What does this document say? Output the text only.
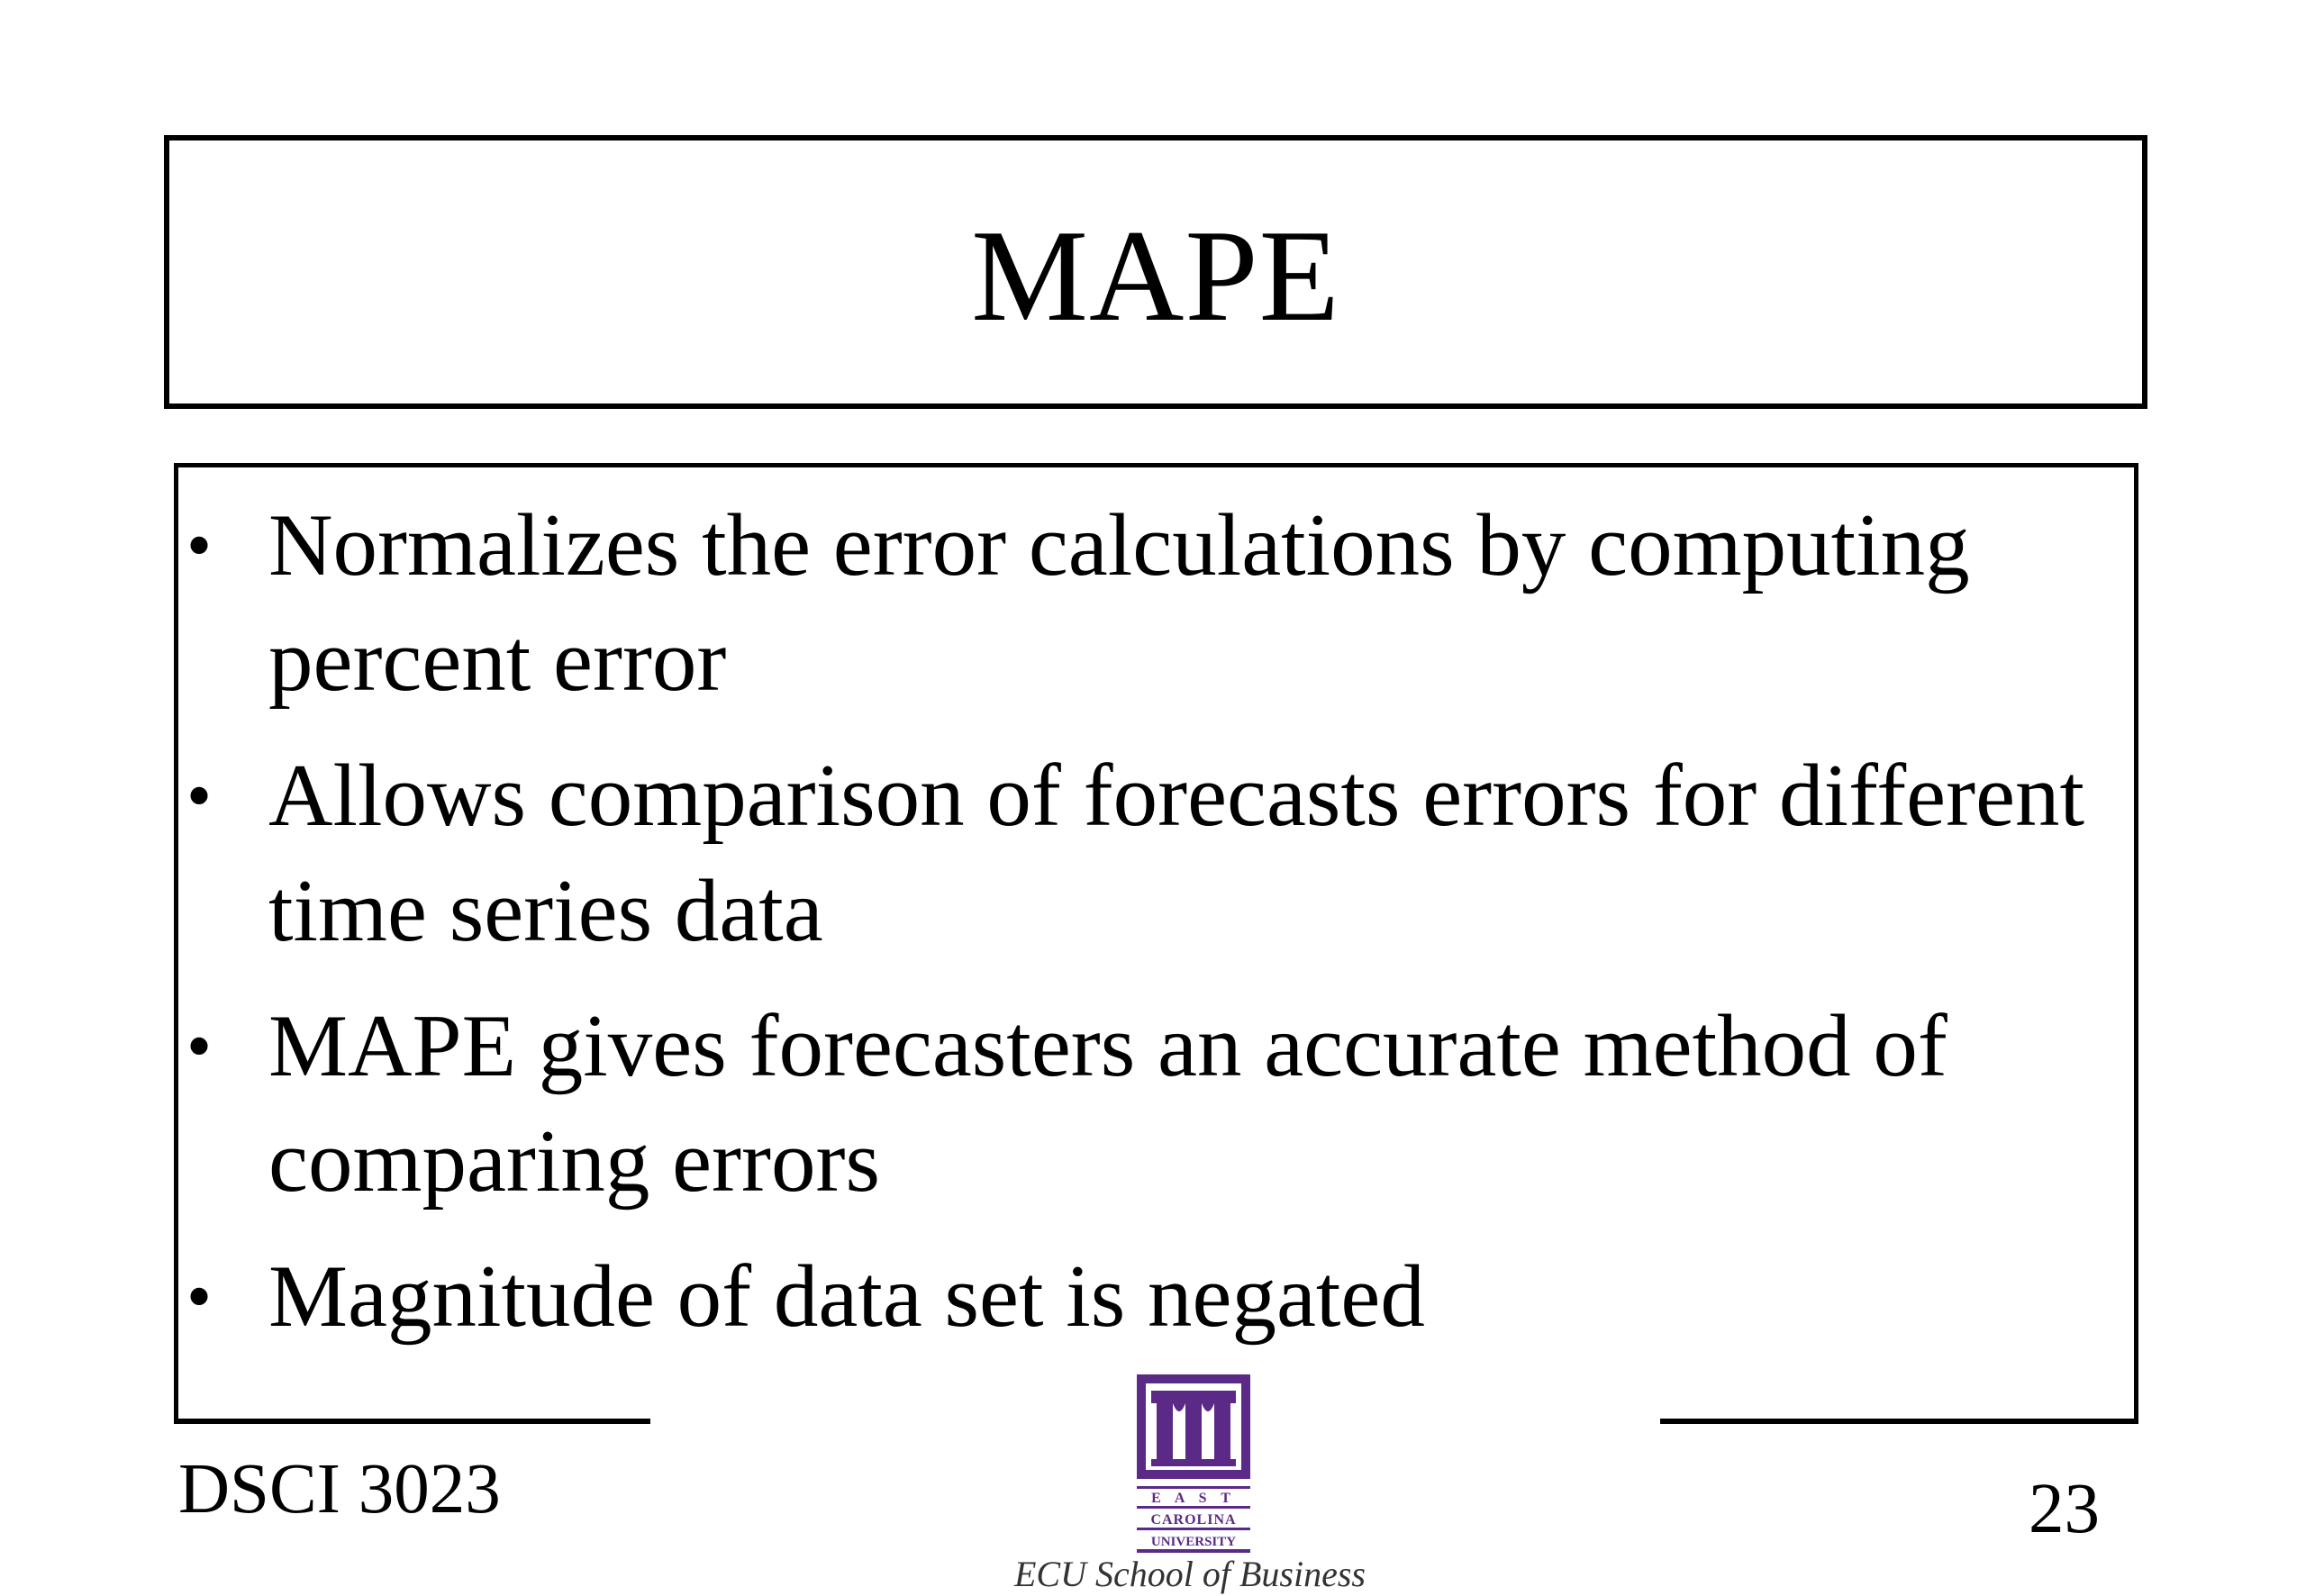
MAPE
• Normalizes the error calculations by computing percent error
• Allows comparison of forecasts errors for different time series data
• MAPE gives forecasters an accurate method of comparing errors
• Magnitude of data set is negated
DSCI 3023	23
E A S T
CAROLINA
UNIVERSITY
ECU School of Business
